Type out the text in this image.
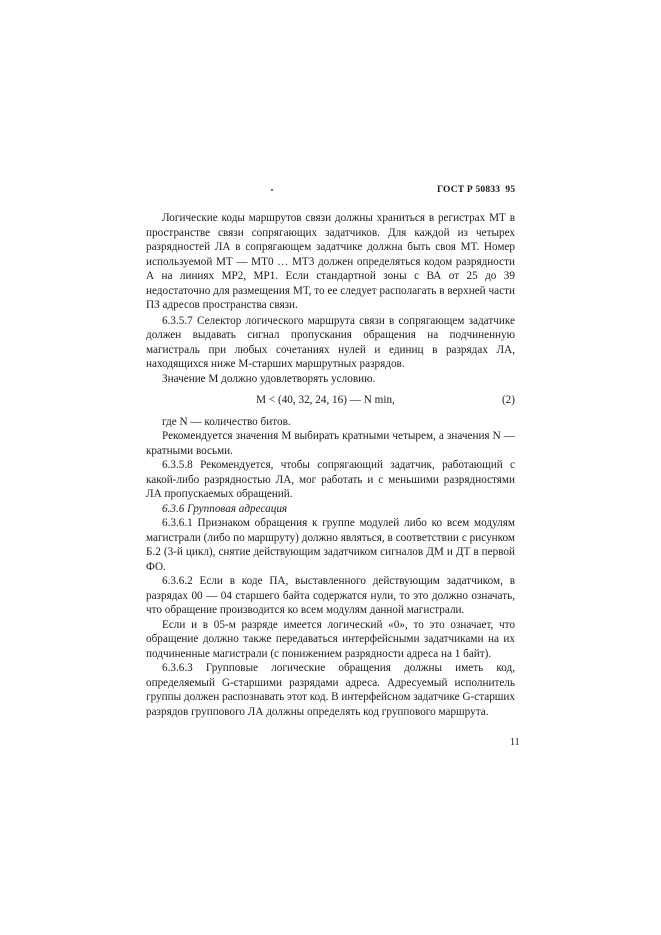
ГОСТ Р 50833 95

Логические коды маршрутов связи должны храниться в регистрах МТ в пространстве связи сопрягающих задатчиков. Для каждой из четырех разрядностей ЛА в сопрягающем задатчике должна быть своя МТ. Номер используемой МТ — МТ0 … МТ3 должен определяться кодом разрядности А на линиях МР2, МР1. Если стандартной зоны с ВА от 25 до 39 недостаточно для размещения МТ, то ее следует располагать в верхней части ПЗ адресов пространства связи.

6.3.5.7 Селектор логического маршрута связи в сопрягающем задатчике должен выдавать сигнал пропускания обращения на подчиненную магистраль при любых сочетаниях нулей и единиц в разрядах ЛА, находящихся ниже М-старших маршрутных разрядов.

Значение М должно удовлетворять условию.

M < (40, 32, 24, 16) — N min,	(2)

где N — количество битов.

Рекомендуется значения M выбирать кратными четырем, а значения N — кратными восьми.

6.3.5.8 Рекомендуется, чтобы сопрягающий задатчик, работающий с какой-либо разрядностью ЛА, мог работать и с меньшими разрядностями ЛА пропускаемых обращений.

6.3.6 Групповая адресация

6.3.6.1 Признаком обращения к группе модулей либо ко всем модулям магистрали (либо по маршруту) должно являться, в соответствии с рисунком Б.2 (3-й цикл), снятие действующим задатчиком сигналов ДМ и ДТ в первой ФО.

6.3.6.2 Если в коде ПА, выставленного действующим задатчиком, в разрядах 00 — 04 старшего байта содержатся нули, то это должно означать, что обращение производится ко всем модулям данной магистрали.

Если и в 05-м разряде имеется логический «0», то это означает, что обращение должно также передаваться интерфейсными задатчиками на их подчиненные магистрали (с понижением разрядности адреса на 1 байт).

6.3.6.3 Групповые логические обращения должны иметь код, определяемый G-старшими разрядами адреса. Адресуемый исполнитель группы должен распознавать этот код. В интерфейсном задатчике G-старших разрядов группового ЛА должны определять код группового маршрута.

11
